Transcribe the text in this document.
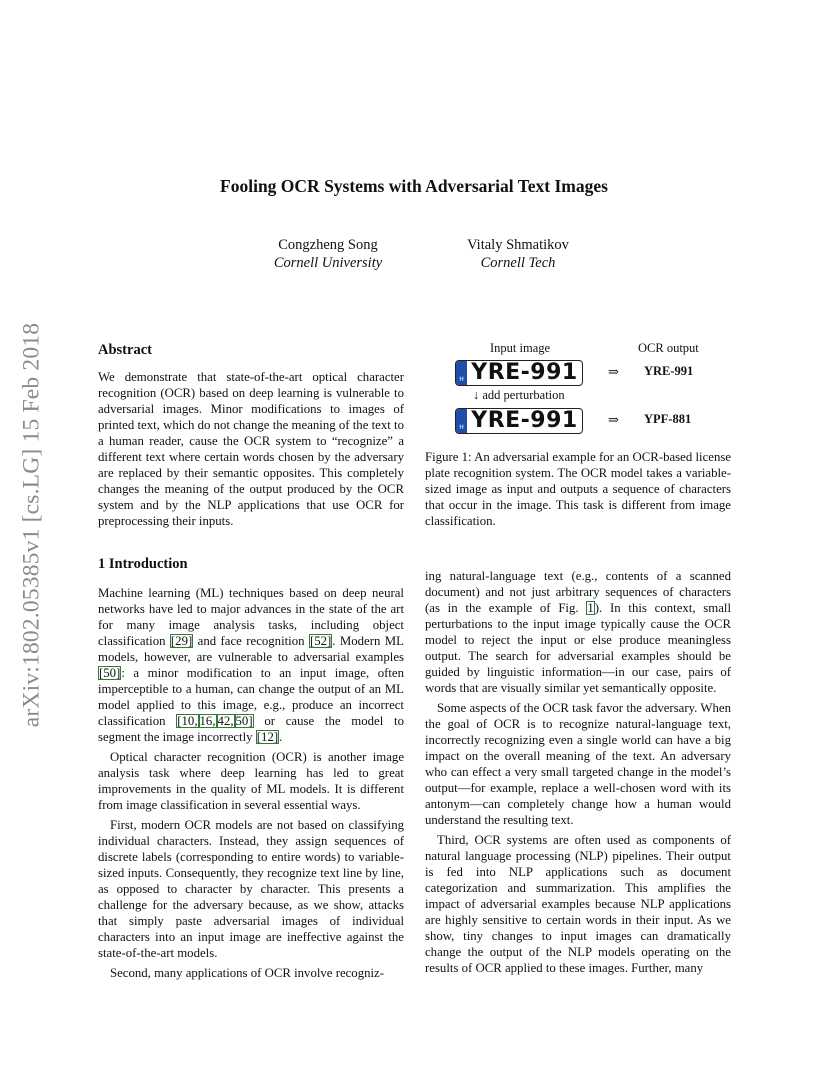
arXiv:1802.05385v1 [cs.LG] 15 Feb 2018
Fooling OCR Systems with Adversarial Text Images
Congzheng Song
Cornell University
Vitaly Shmatikov
Cornell Tech
Abstract

We demonstrate that state-of-the-art optical character recognition (OCR) based on deep learning is vulnerable to adversarial images. Minor modifications to images of printed text, which do not change the meaning of the text to a human reader, cause the OCR system to “recognize” a different text where certain words chosen by the adversary are replaced by their semantic opposites. This completely changes the meaning of the output produced by the OCR system and by the NLP applications that use OCR for preprocessing their inputs.

Input image	OCR output
H YRE-991	⇒ YRE-991
↓ add perturbation
H YRE-991	⇒ YPF-881
Figure 1: An adversarial example for an OCR-based license plate recognition system. The OCR model takes a variable-sized image as input and outputs a sequence of characters that occur in the image. This task is different from image classification.
1 Introduction

Machine learning (ML) techniques based on deep neural networks have led to major advances in the state of the art for many image analysis tasks, including object classification [29] and face recognition [52]. Modern ML models, however, are vulnerable to adversarial examples [50]: a minor modification to an input image, often imperceptible to a human, can change the output of an ML model applied to this image, e.g., produce an incorrect classification [10, 16, 42, 50] or cause the model to segment the image incorrectly [12].

Optical character recognition (OCR) is another image analysis task where deep learning has led to great improvements in the quality of ML models. It is different from image classification in several essential ways.

First, modern OCR models are not based on classifying individual characters. Instead, they assign sequences of discrete labels (corresponding to entire words) to variable-sized inputs. Consequently, they recognize text line by line, as opposed to character by character. This presents a challenge for the adversary because, as we show, attacks that simply paste adversarial images of individual characters into an input image are ineffective against the state-of-the-art models.

Second, many applications of OCR involve recogniz-

ing natural-language text (e.g., contents of a scanned document) and not just arbitrary sequences of characters (as in the example of Fig. 1). In this context, small perturbations to the input image typically cause the OCR model to reject the input or else produce meaningless output. The search for adversarial examples should be guided by linguistic information—in our case, pairs of words that are visually similar yet semantically opposite.

Some aspects of the OCR task favor the adversary. When the goal of OCR is to recognize natural-language text, incorrectly recognizing even a single world can have a big impact on the overall meaning of the text. An adversary who can effect a very small targeted change in the model’s output—for example, replace a well-chosen word with its antonym—can completely change how a human would understand the resulting text.

Third, OCR systems are often used as components of natural language processing (NLP) pipelines. Their output is fed into NLP applications such as document categorization and summarization. This amplifies the impact of adversarial examples because NLP applications are highly sensitive to certain words in their input. As we show, tiny changes to input images can dramatically change the output of the NLP models operating on the results of OCR applied to these images. Further, many
